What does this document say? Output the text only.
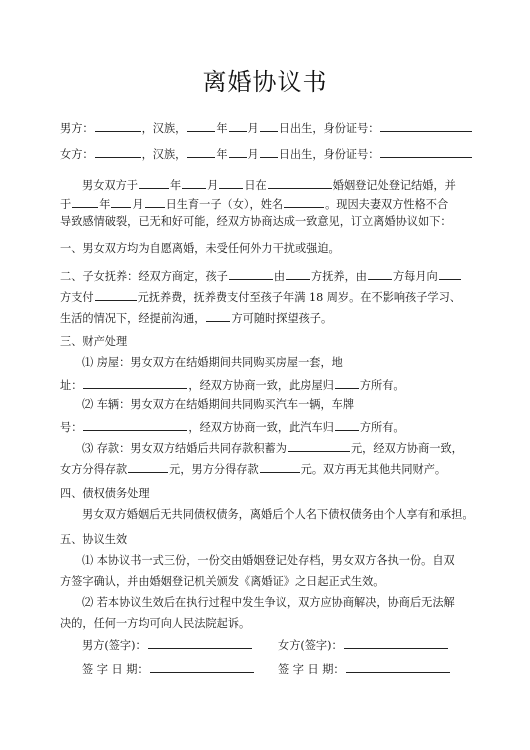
离婚协议书
男方：	，汉族，	年 月 日出生，身份证号：
女方：	，汉族，	年 月 日出生，身份证号：
男女双方于	年 月 日在	婚姻登记处登记结婚，并
于	年 月 日生育一子（女），姓名	。现因夫妻双方性格不合
导致感情破裂，已无和好可能，经双方协商达成一致意见，订立离婚协议如下：
一、男女双方均为自愿离婚，未受任何外力干扰或强迫。
二、子女抚养：经双方商定，孩子	由 方抚养，由 方每月向
方支付	元抚养费，抚养费支付至孩子年满 18 周岁。在不影响孩子学习、
生活的情况下，经提前沟通， 方可随时探望孩子。
三、财产处理
⑴ 房屋：男女双方在结婚期间共同购买房屋一套，地
址：	，经双方协商一致，此房屋归 方所有。
⑵ 车辆：男女双方在结婚期间共同购买汽车一辆，车牌
号：	，经双方协商一致，此汽车归 方所有。
⑶ 存款：男女双方结婚后共同存款积蓄为	元，经双方协商一致，
女方分得存款	元，男方分得存款	元。双方再无其他共同财产。
四、债权债务处理
男女双方婚姻后无共同债权债务，离婚后个人名下债权债务由个人享有和承担。
五、协议生效
⑴ 本协议书一式三份，一份交由婚姻登记处存档，男女双方各执一份。自双
方签字确认，并由婚姻登记机关颁发《离婚证》之日起正式生效。
⑵ 若本协议生效后在执行过程中发生争议，双方应协商解决，协商后无法解
决的，任何一方均可向人民法院起诉。
男方(签字)：	女方(签字)：
签 字 日 期：	签 字 日 期：
